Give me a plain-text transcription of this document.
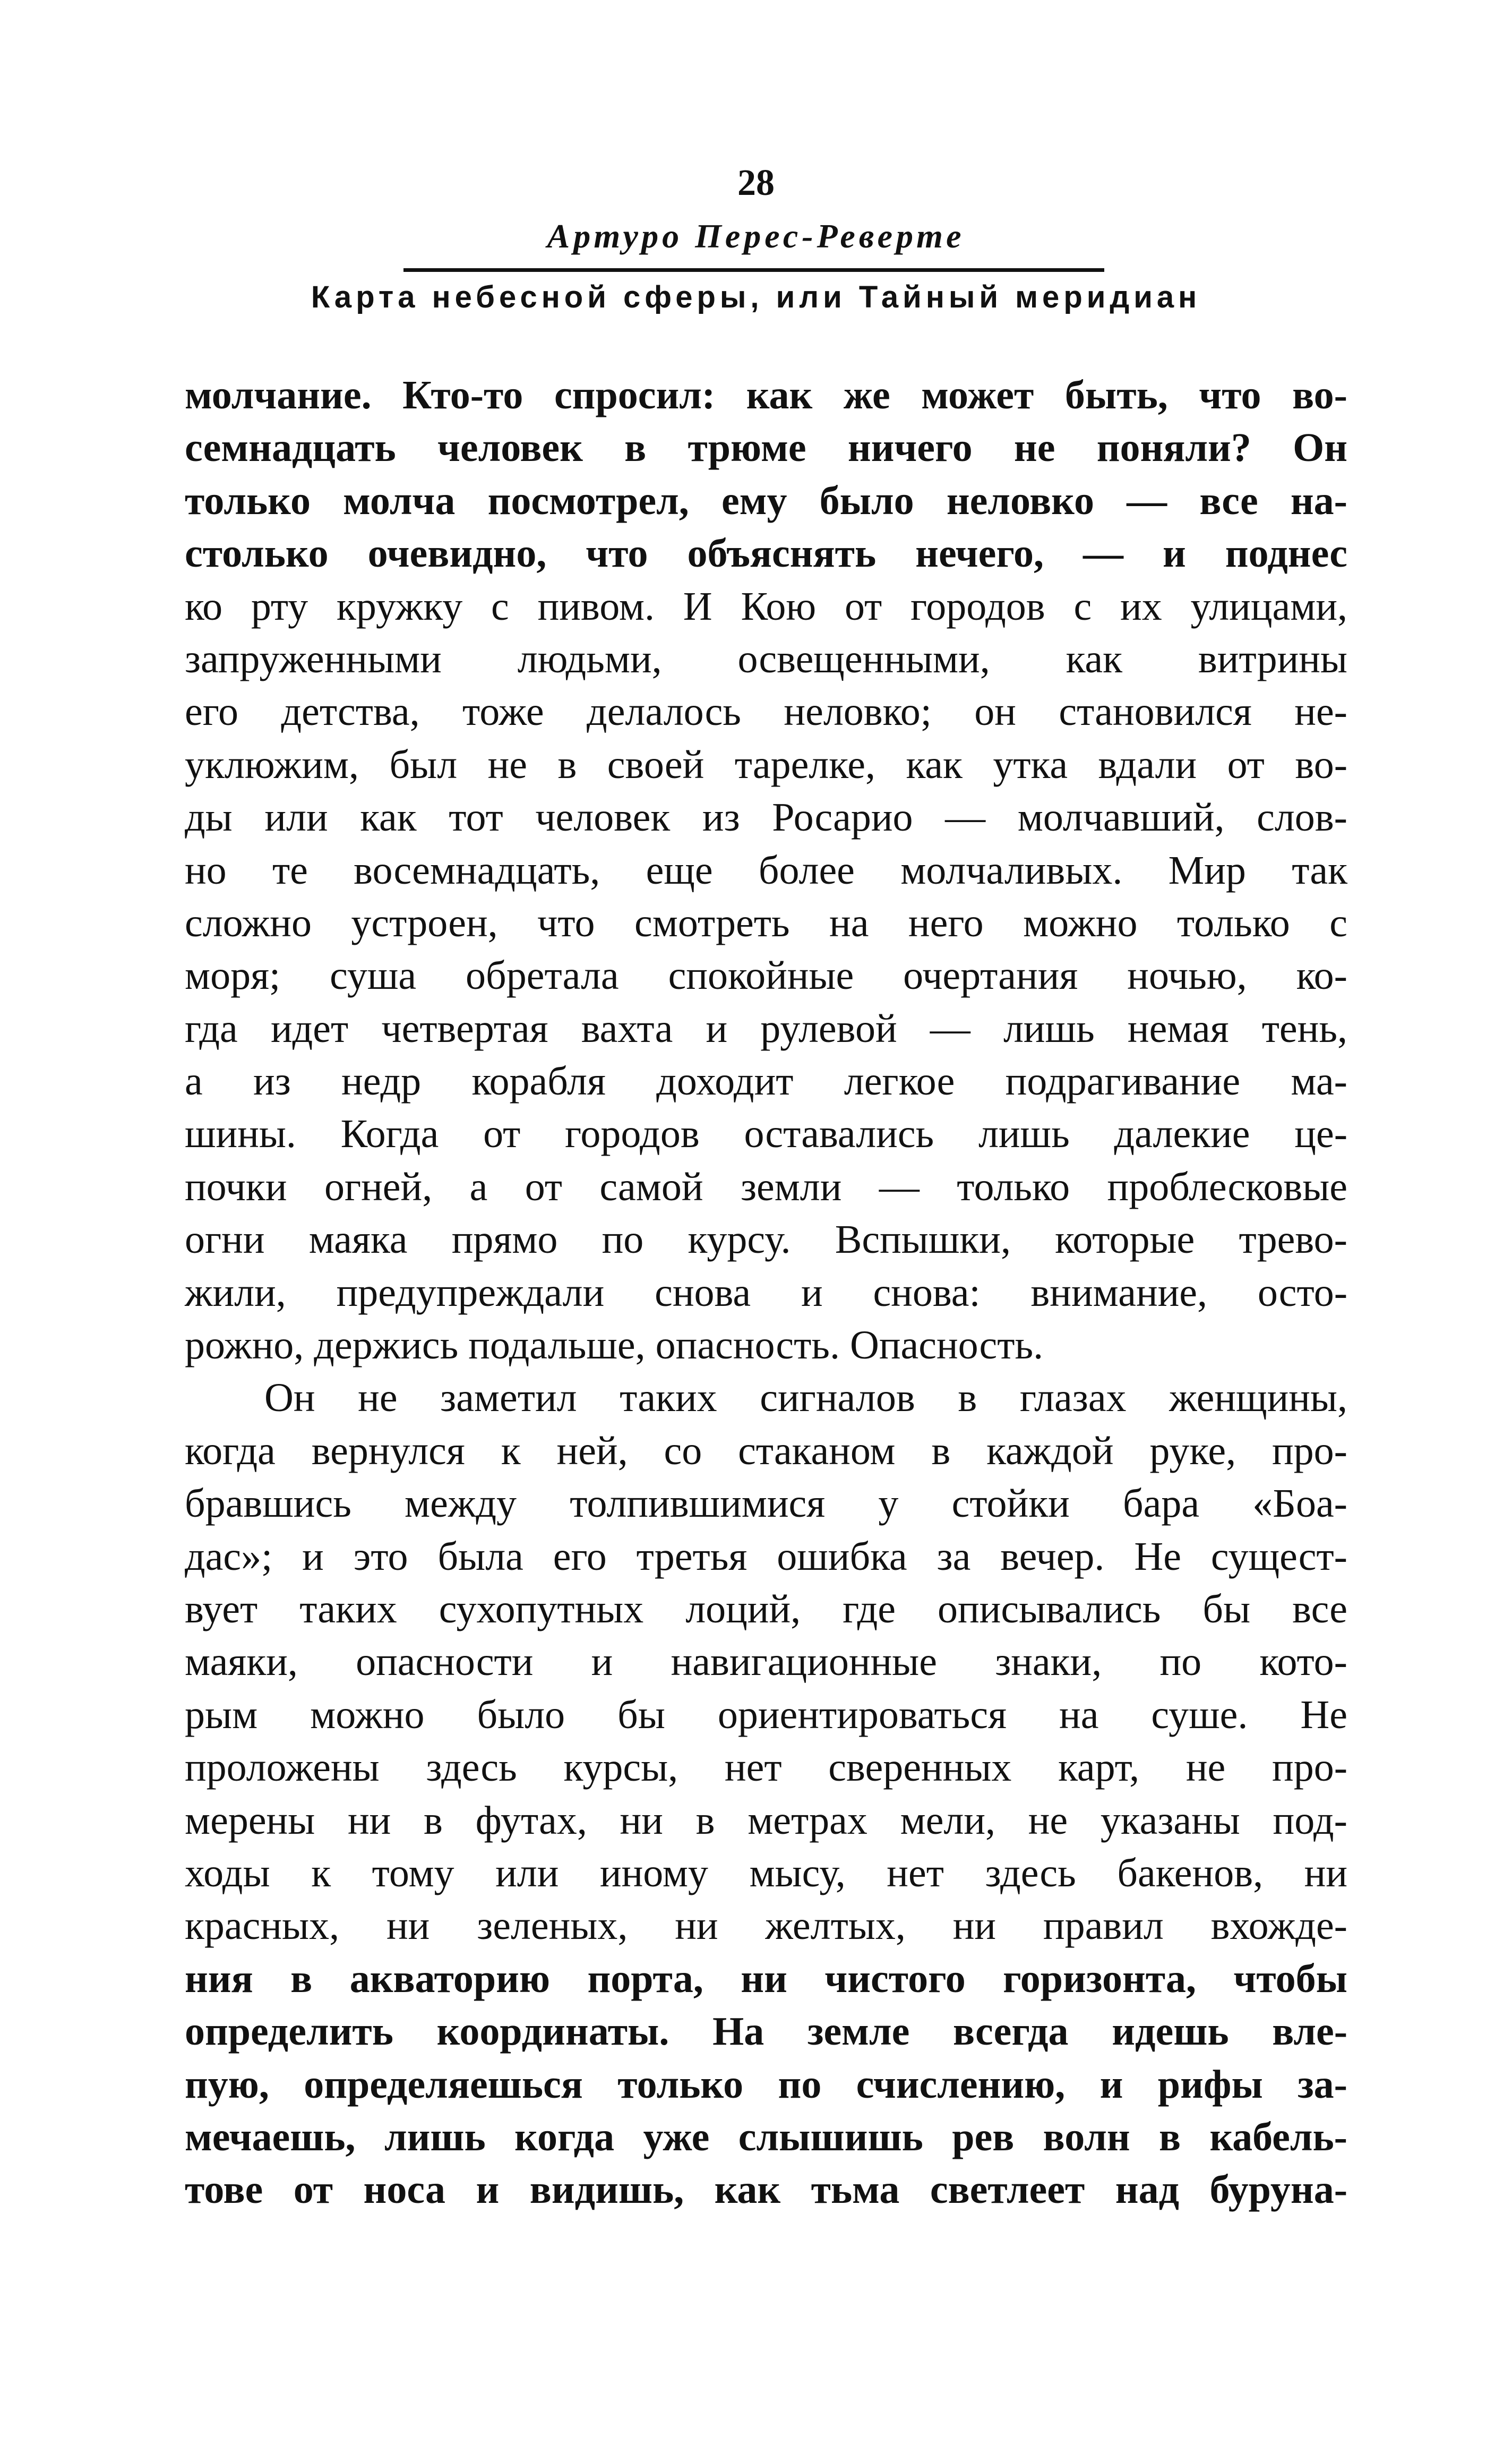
28
Артуро Перес-Реверте
Карта небесной сферы, или Тайный меридиан
молчание. Кто-то спросил: как же может быть, что во-
семнадцать человек в трюме ничего не поняли? Он
только молча посмотрел, ему было неловко — все на-
столько очевидно, что объяснять нечего, — и поднес
ко рту кружку с пивом. И Кою от городов с их улицами,
запруженными людьми, освещенными, как витрины
его детства, тоже делалось неловко; он становился не-
уклюжим, был не в своей тарелке, как утка вдали от во-
ды или как тот человек из Росарио — молчавший, слов-
но те восемнадцать, еще более молчаливых. Мир так
сложно устроен, что смотреть на него можно только с
моря; суша обретала спокойные очертания ночью, ко-
гда идет четвертая вахта и рулевой — лишь немая тень,
а из недр корабля доходит легкое подрагивание ма-
шины. Когда от городов оставались лишь далекие це-
почки огней, а от самой земли — только проблесковые
огни маяка прямо по курсу. Вспышки, которые трево-
жили, предупреждали снова и снова: внимание, осто-
рожно, держись подальше, опасность. Опасность.
Он не заметил таких сигналов в глазах женщины,
когда вернулся к ней, со стаканом в каждой руке, про-
бравшись между толпившимися у стойки бара «Боа-
дас»; и это была его третья ошибка за вечер. Не сущест-
вует таких сухопутных лоций, где описывались бы все
маяки, опасности и навигационные знаки, по кото-
рым можно было бы ориентироваться на суше. Не
проложены здесь курсы, нет сверенных карт, не про-
мерены ни в футах, ни в метрах мели, не указаны под-
ходы к тому или иному мысу, нет здесь бакенов, ни
красных, ни зеленых, ни желтых, ни правил вхожде-
ния в акваторию порта, ни чистого горизонта, чтобы
определить координаты. На земле всегда идешь вле-
пую, определяешься только по счислению, и рифы за-
мечаешь, лишь когда уже слышишь рев волн в кабель-
тове от носа и видишь, как тьма светлеет над буруна-
